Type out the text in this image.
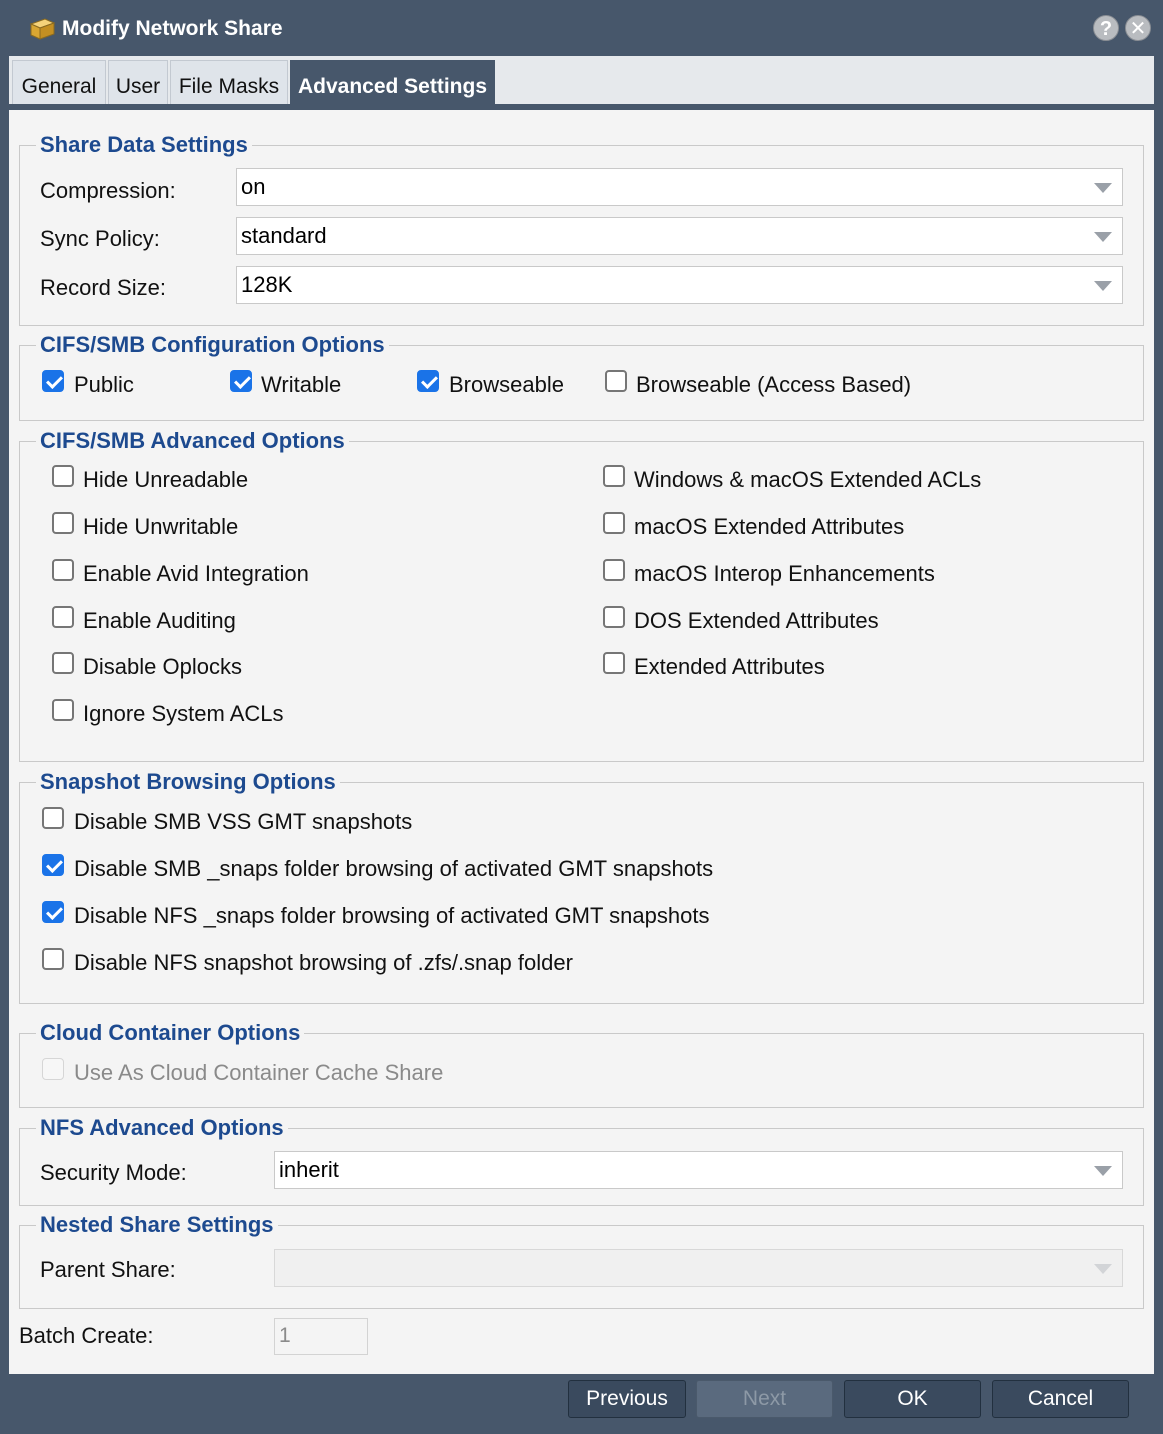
Modify Network Share	? ✕
General User File Masks Advanced Settings
Share Data Settings
Compression:	on
Sync Policy:	standard
Record Size:	128K
CIFS/SMB Configuration Options
Public	Writable	Browseable	Browseable (Access Based)
CIFS/SMB Advanced Options
Hide Unreadable
Hide Unwritable
Enable Avid Integration
Enable Auditing
Disable Oplocks
Ignore System ACLs
Windows & macOS Extended ACLs
macOS Extended Attributes
macOS Interop Enhancements
DOS Extended Attributes
Extended Attributes
Snapshot Browsing Options
Disable SMB VSS GMT snapshots
Disable SMB _snaps folder browsing of activated GMT snapshots
Disable NFS _snaps folder browsing of activated GMT snapshots
Disable NFS snapshot browsing of .zfs/.snap folder
Cloud Container Options
Use As Cloud Container Cache Share
NFS Advanced Options
Security Mode:	inherit
Nested Share Settings
Parent Share:
Batch Create:	1
Previous	Next	OK	Cancel
